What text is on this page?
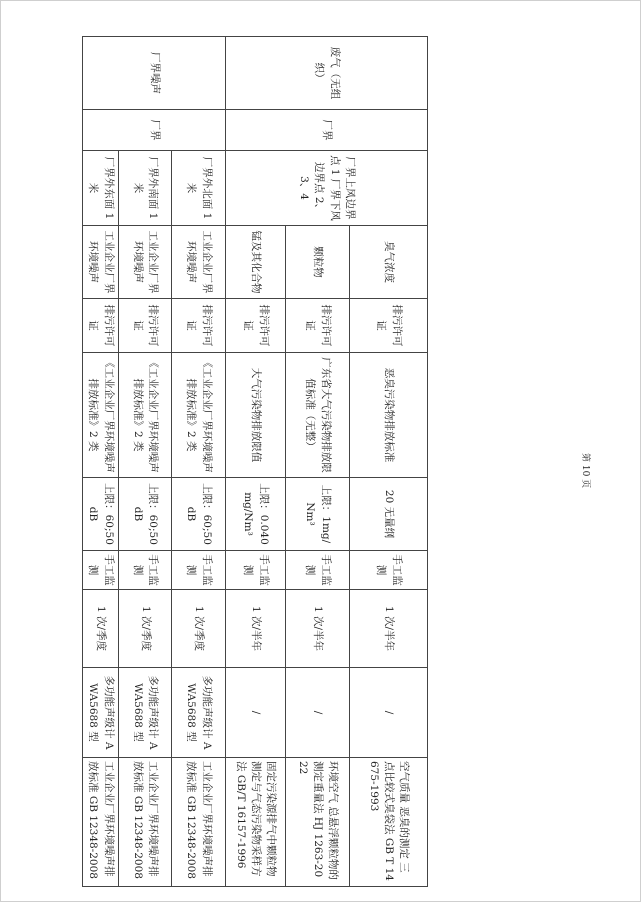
废气（无组织）	厂界	厂界上风边界点 1 厂界下风边界点 2、3、4	臭气浓度	排污许可证	恶臭污染物排放标准	20 无量纲	手工监测	1 次/半年	/	空气质量 恶臭的测定 三点比较式臭袋法 GB T 14675-1993
			颗粒物	排污许可证	广东省大气污染物排放限值标准（无整）	上限：1mg/Nm³	手工监测	1 次/半年	/	环境空气 总悬浮颗粒物的测定重量法 HJ 1263-2022
			锰及其化合物	排污许可证	大气污染物排放限值	上限：0.040mg/Nm³	手工监测	1 次/半年	/	固定污染源排气中颗粒物测定与气态污染物采样方法 GB/T 16157-1996
厂界噪声	厂界	厂界外北面 1 米	工业企业厂界环境噪声	排污许可证	《工业企业厂界环境噪声排放标准》2 类	上限：60;50dB	手工监测	1 次/季度	多功能声级计 AWA5688 型	工业企业厂界环境噪声排放标准 GB 12348-2008
		厂界外南面 1 米	工业企业厂界环境噪声	排污许可证	《工业企业厂界环境噪声排放标准》2 类	上限：60;50dB	手工监测	1 次/季度	多功能声级计 AWA5688 型	工业企业厂界环境噪声排放标准 GB 12348-2008
		厂界外东面 1 米	工业企业厂界环境噪声	排污许可证	《工业企业厂界环境噪声排放标准》2 类	上限：60;50dB	手工监测	1 次/季度	多功能声级计 AWA5688 型	工业企业厂界环境噪声排放标准 GB 12348-2008
第 10 页
